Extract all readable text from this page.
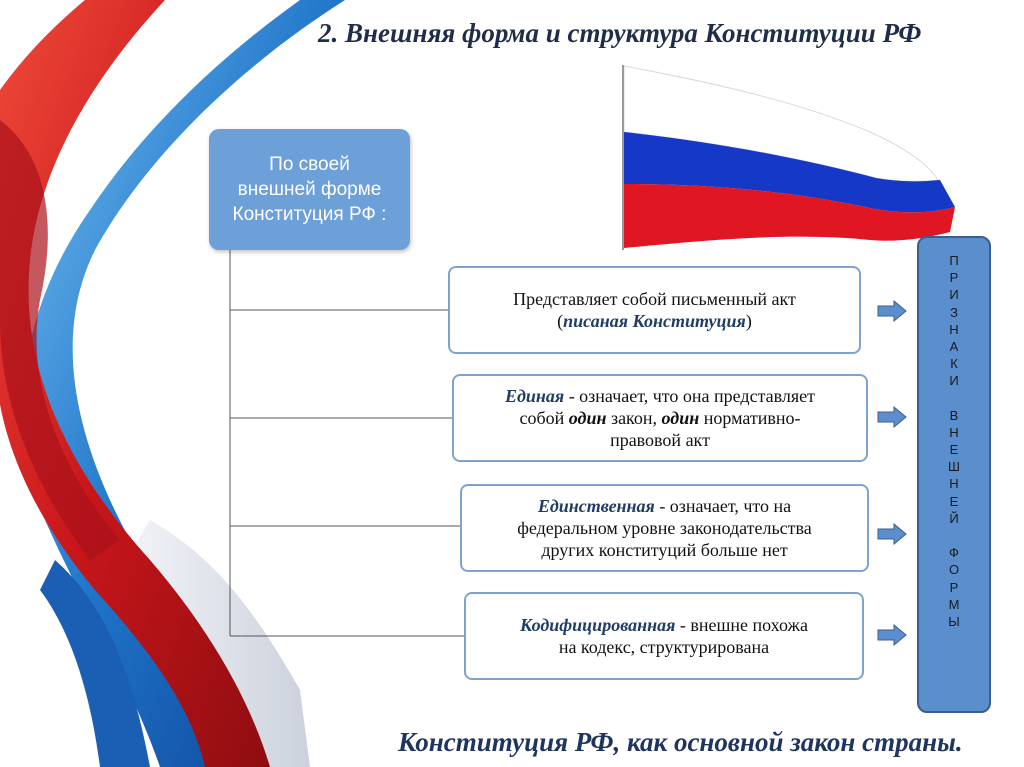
2. Внешняя форма и структура Конституции РФ
По своей
внешней форме
Конституция РФ :
Представляет собой письменный акт
(писаная Конституция)
Единая - означает, что она представляет
собой один закон, один нормативно-
правовой акт
Единственная - означает, что на
федеральном уровне законодательства
других конституций больше нет
Кодифицированная - внешне похожа
на кодекс, структурирована
П
Р
И
З
Н
А
К
И

В
Н
Е
Ш
Н
Е
Й

Ф
О
Р
М
Ы
Конституция РФ, как основной закон страны.
